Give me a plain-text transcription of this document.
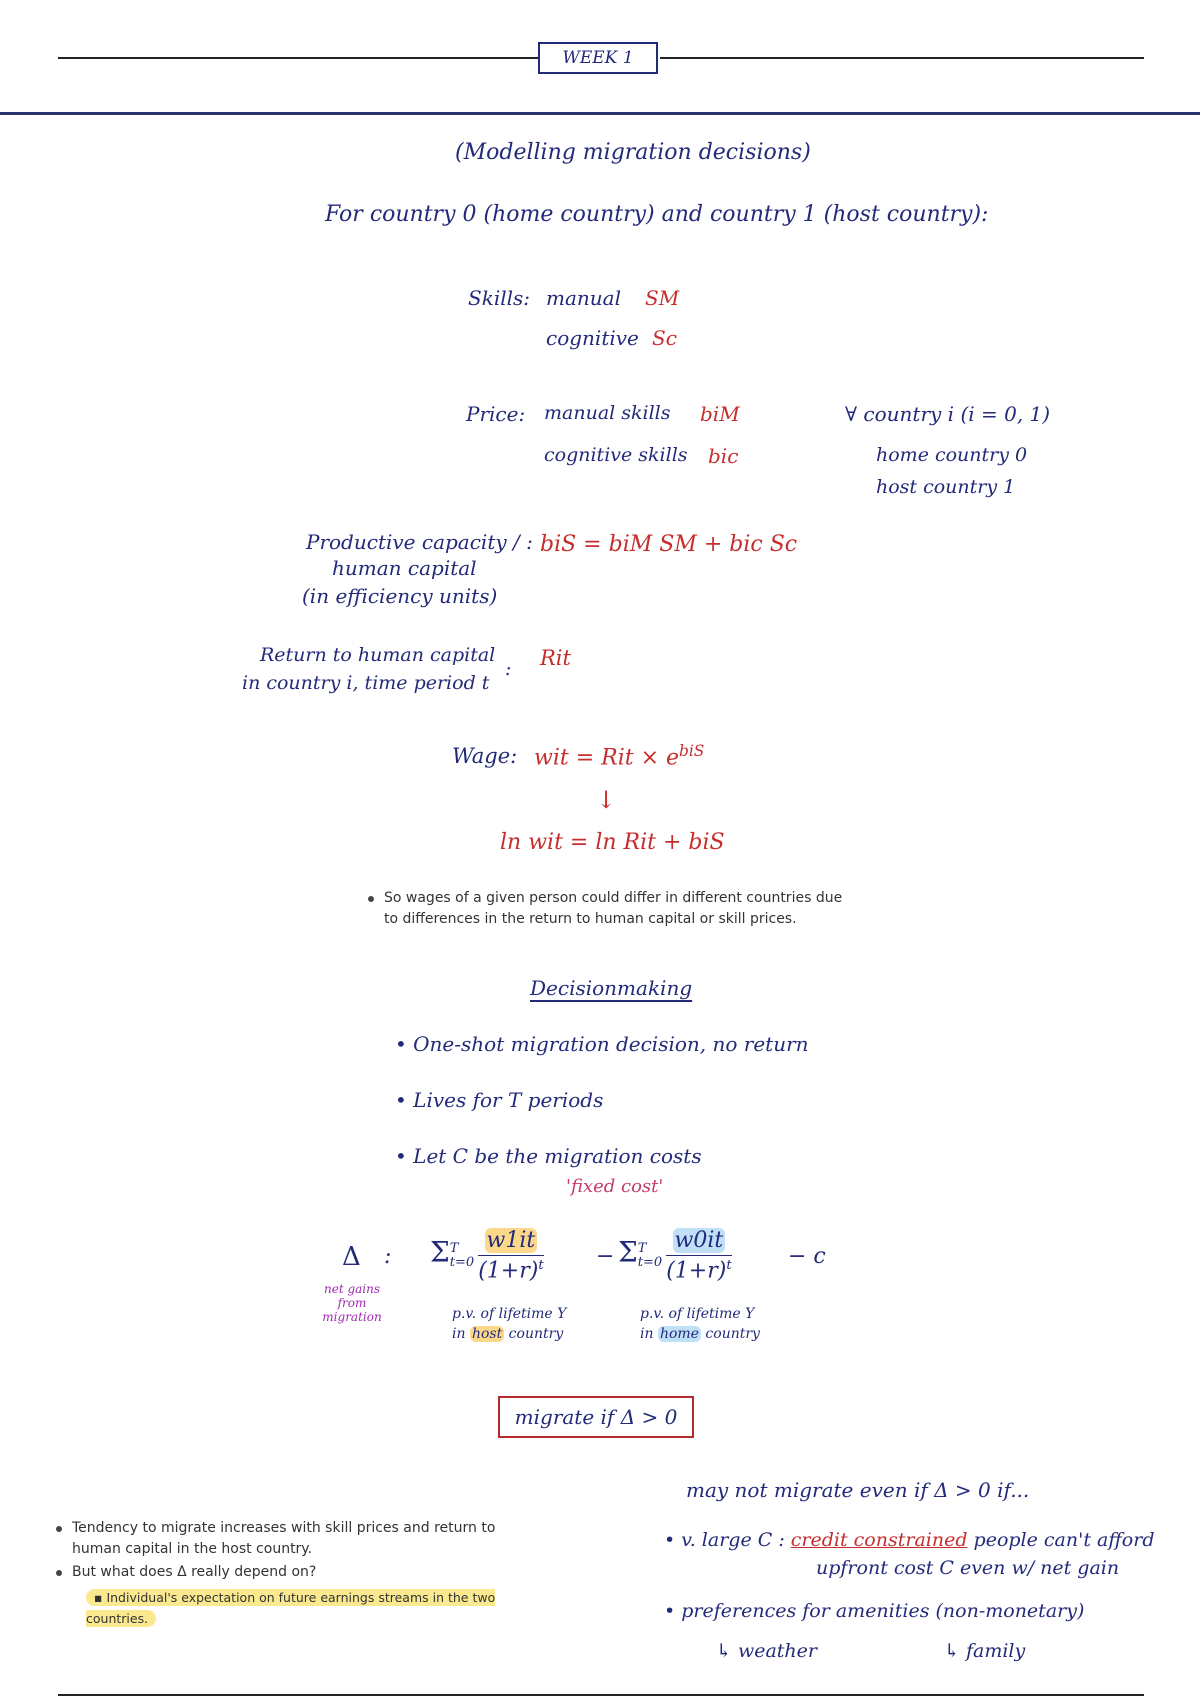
WEEK 1
(Modelling migration decisions)
For country 0 (home country) and country 1 (host country):
Skills: manual SM
cognitive Sc
Price: manual skills biM
cognitive skills bic
∀ country i (i = 0, 1)
home country 0
host country 1
Productive capacity / :
human capital
(in efficiency units)
biS = biM SM + bic Sc
Return to human capital
in country i, time period t
: Rit
Wage: wit = Rit × $e^{biS}$
↓
ln wit = ln Rit + biS
So wages of a given person could differ in different countries due to differences in the return to human capital or skill prices.
Decisionmaking
• One-shot migration decision, no return
• Lives for T periods
• Let C be the migration costs
'fixed cost'
Δ :
net gains from migration
Σ T
$t=0 \frac{w1it}{(1+r)^t} - \Sigma$ T
$t=0 \frac{w0it}{(1+r)^t}$	− c
p.v. of lifetime Y
in host country
p.v. of lifetime Y
in home country
migrate if Δ > 0
Tendency to migrate increases with skill prices and return to human capital in the host country.
But what does Δ really depend on?
▪ Individual's expectation on future earnings streams in the two countries.
may not migrate even if Δ > 0 if...
• v. large C : credit constrained people can't afford
upfront cost C even w/ net gain
• preferences for amenities (non-monetary)
↳ weather	↳ family
